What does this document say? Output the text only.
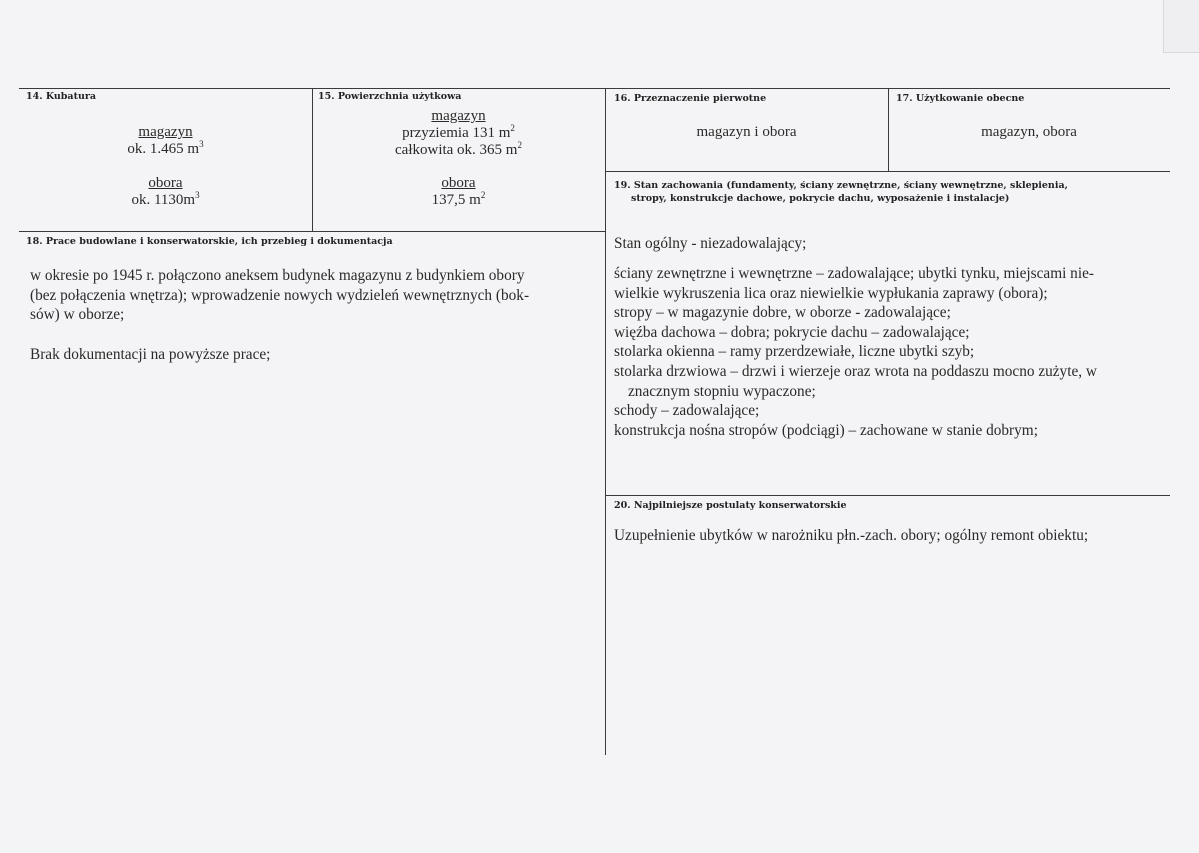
14. Kubatura
magazyn
ok. 1.465 $m^3$
obora
ok. $1130m^3$
15. Powierzchnia użytkowa
magazyn
przyziemia 131 $m^2$
całkowita ok. 365 $m^2$
obora
137,5 $m^2$
16. Przeznaczenie pierwotne
magazyn i obora
17. Użytkowanie obecne
magazyn, obora
19. Stan zachowania (fundamenty, ściany zewnętrzne, ściany wewnętrzne, sklepienia,
stropy, konstrukcje dachowe, pokrycie dachu, wyposażenie i instalacje)

Stan ogólny - niezadowalający;

ściany zewnętrzne i wewnętrzne – zadowalające; ubytki tynku, miejscami nie-
wielkie wykruszenia lica oraz niewielkie wypłukania zaprawy (obora);
stropy – w magazynie dobre, w oborze - zadowalające;
więźba dachowa – dobra; pokrycie dachu – zadowalające;
stolarka okienna – ramy przerdzewiałe, liczne ubytki szyb;
stolarka drzwiowa – drzwi i wierzeje oraz wrota na poddaszu mocno zużyte, w
znacznym stopniu wypaczone;
schody – zadowalające;
konstrukcja nośna stropów (podciągi) – zachowane w stanie dobrym;
18. Prace budowlane i konserwatorskie, ich przebieg i dokumentacja
w okresie po 1945 r. połączono aneksem budynek magazynu z budynkiem obory
(bez połączenia wnętrza); wprowadzenie nowych wydzieleń wewnętrznych (bok-
sów) w oborze;

Brak dokumentacji na powyższe prace;

20. Najpilniejsze postulaty konserwatorskie

Uzupełnienie ubytków w narożniku płn.-zach. obory; ogólny remont obiektu;
